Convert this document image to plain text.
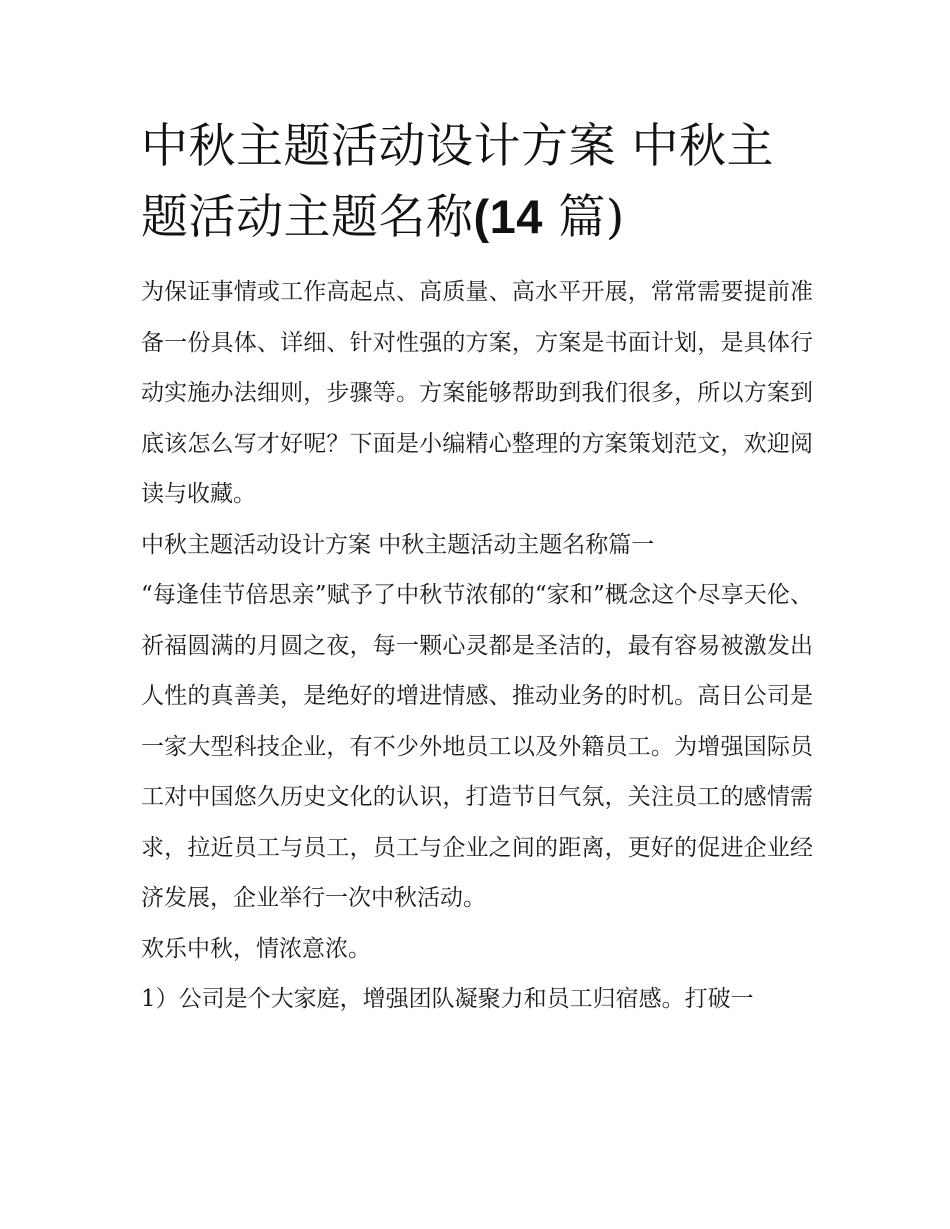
中秋主题活动设计方案 中秋主题活动主题名称(14 篇)

为保证事情或工作高起点、高质量、高水平开展，常常需要提前准备一份具体、详细、针对性强的方案，方案是书面计划，是具体行动实施办法细则，步骤等。方案能够帮助到我们很多，所以方案到底该怎么写才好呢？下面是小编精心整理的方案策划范文，欢迎阅读与收藏。

中秋主题活动设计方案 中秋主题活动主题名称篇一

“每逢佳节倍思亲”赋予了中秋节浓郁的“家和”概念这个尽享天伦、祈福圆满的月圆之夜，每一颗心灵都是圣洁的，最有容易被激发出人性的真善美，是绝好的增进情感、推动业务的时机。高日公司是一家大型科技企业，有不少外地员工以及外籍员工。为增强国际员工对中国悠久历史文化的认识，打造节日气氛，关注员工的感情需求，拉近员工与员工，员工与企业之间的距离，更好的促进企业经济发展，企业举行一次中秋活动。

欢乐中秋，情浓意浓。

1）公司是个大家庭，增强团队凝聚力和员工归宿感。打破一
